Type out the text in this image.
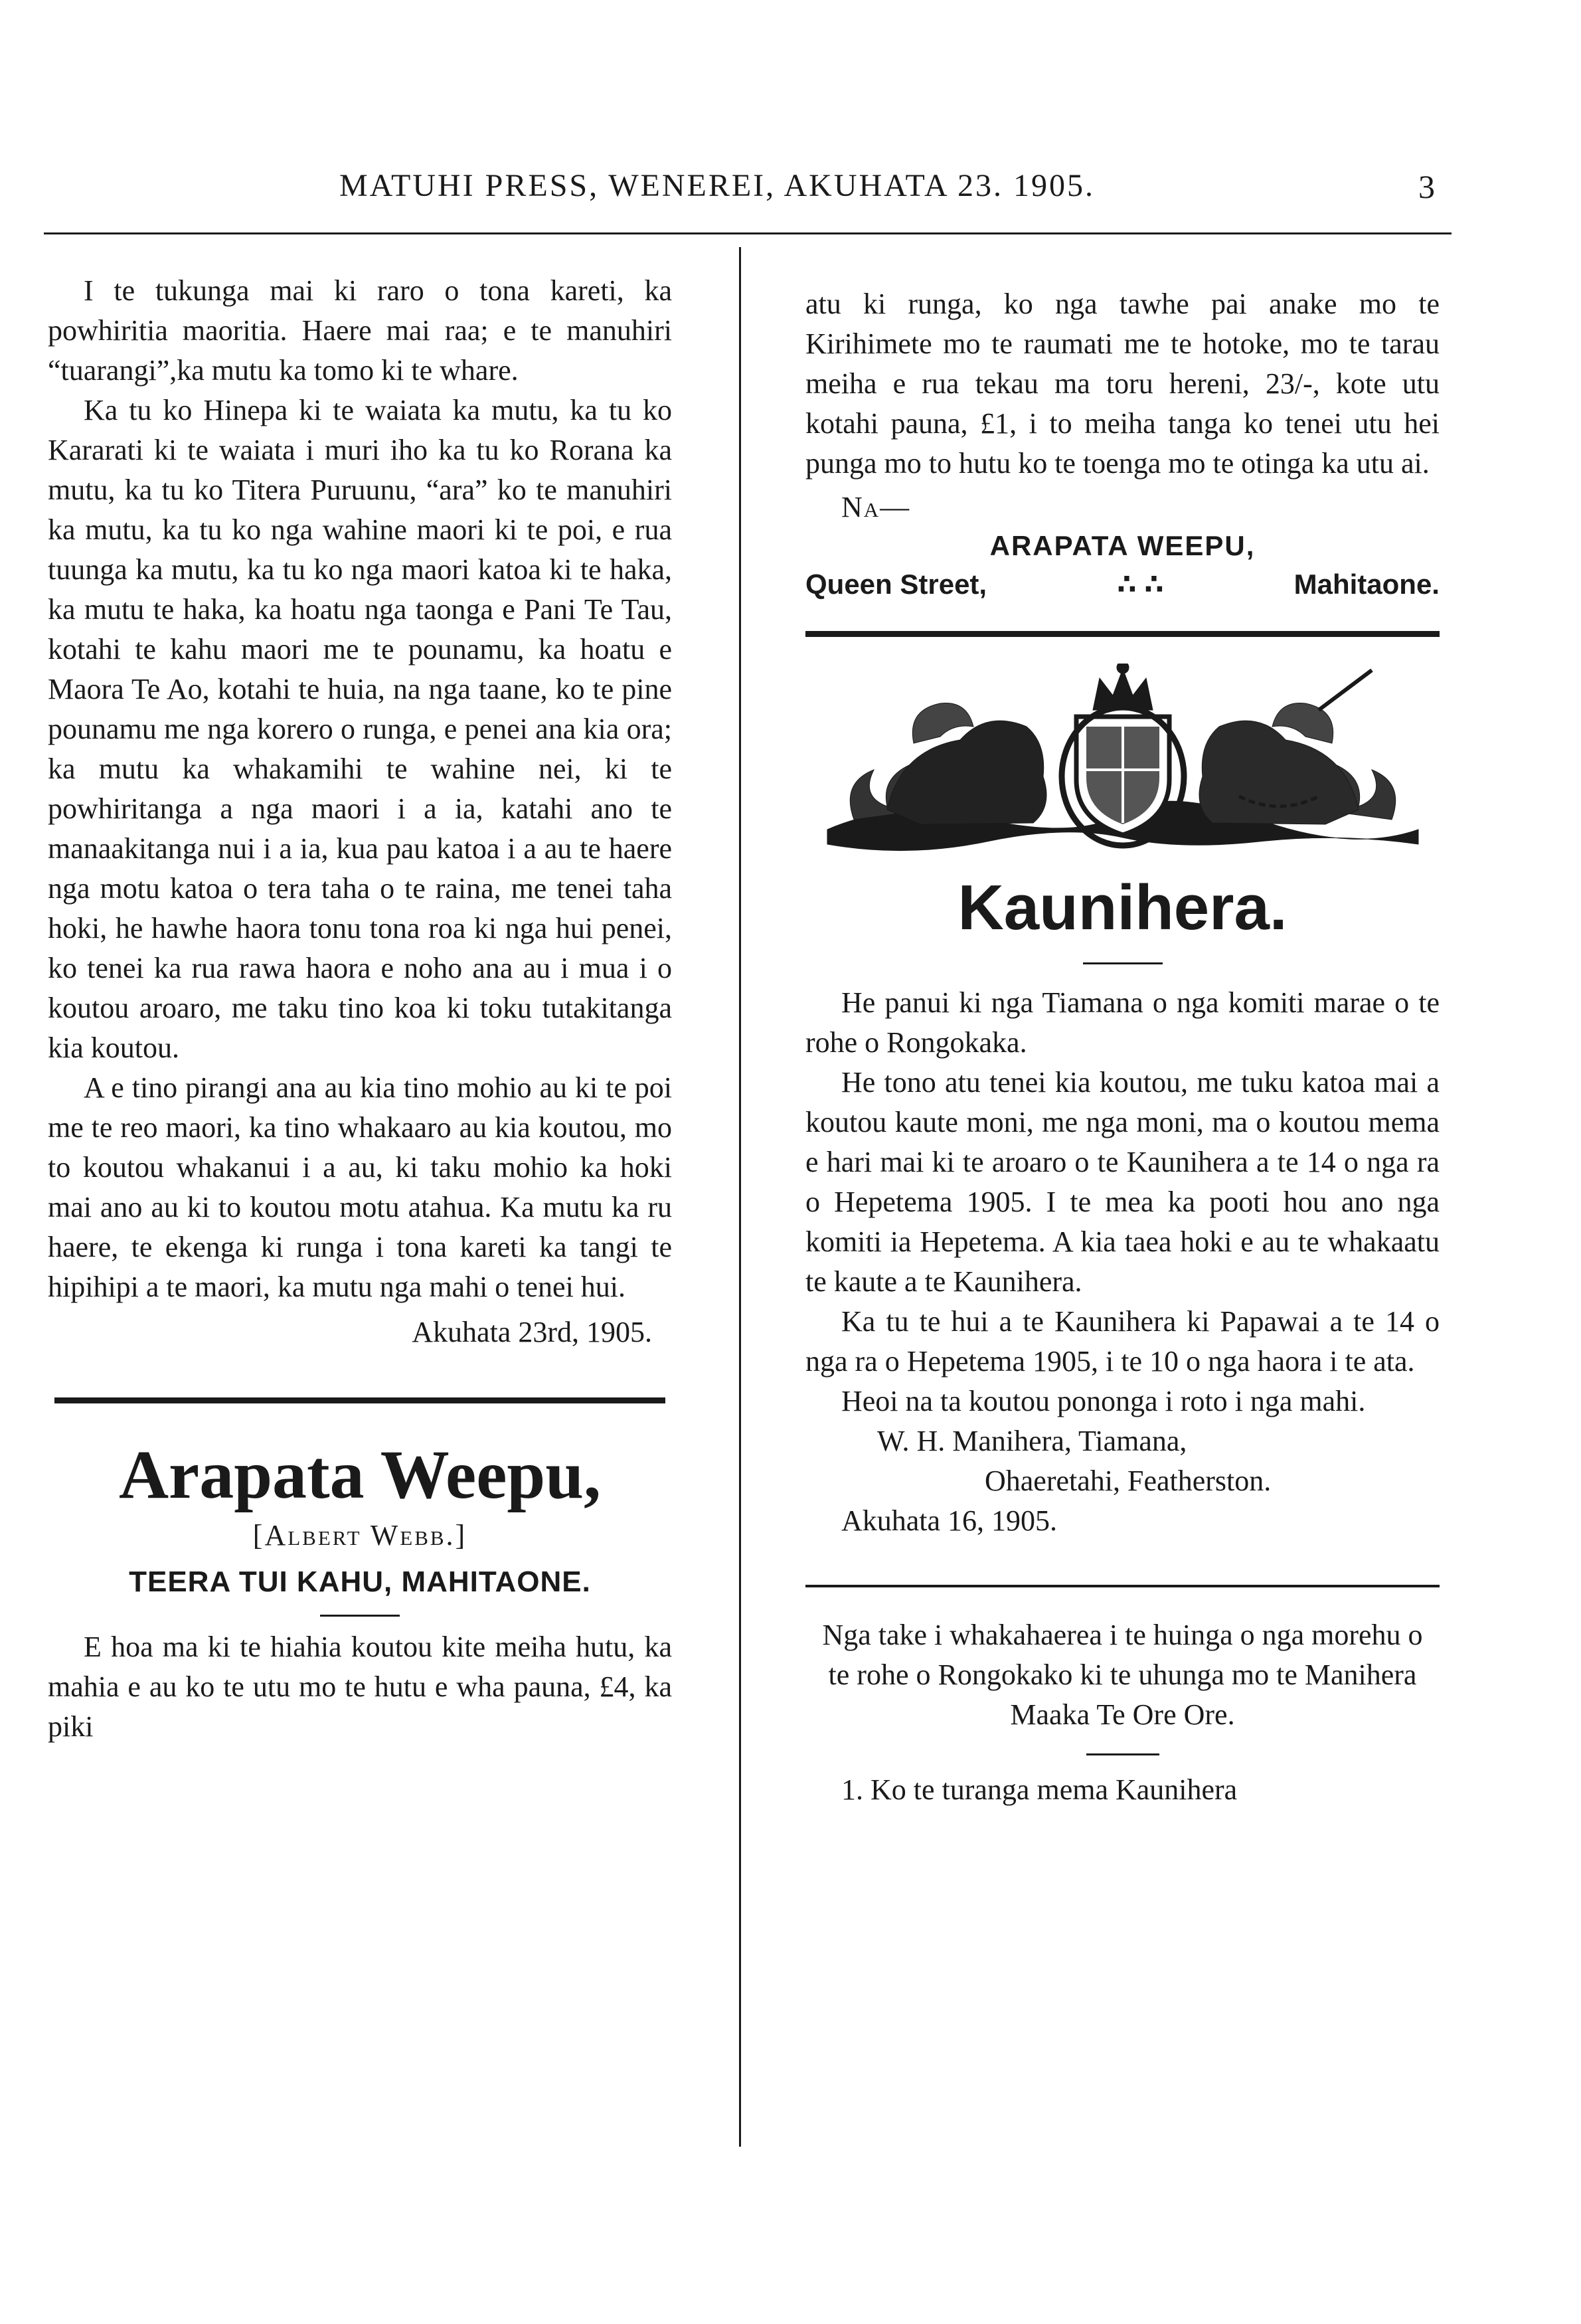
MATUHI PRESS, WENEREI, AKUHATA 23. 1905.	3

I te tukunga mai ki raro o tona kareti, ka powhiritia maoritia. Haere mai raa; e te manuhiri “tuarangi”,ka mutu ka tomo ki te whare.

Ka tu ko Hinepa ki te waiata ka mutu, ka tu ko Kararati ki te waiata i muri iho ka tu ko Rorana ka mutu, ka tu ko Titera Puruunu, “ara” ko te manuhiri ka mutu, ka tu ko nga wahine maori ki te poi, e rua tuunga ka mutu, ka tu ko nga maori katoa ki te haka, ka mutu te haka, ka hoatu nga taonga e Pani Te Tau, kotahi te kahu maori me te pounamu, ka hoatu e Maora Te Ao, kotahi te huia, na nga taane, ko te pine pounamu me nga korero o runga, e penei ana kia ora; ka mutu ka whakamihi te wahine nei, ki te powhiritanga a nga maori i a ia, katahi ano te manaakitanga nui i a ia, kua pau katoa i a au te haere nga motu katoa o tera taha o te raina, me tenei taha hoki, he hawhe haora tonu tona roa ki nga hui penei, ko tenei ka rua rawa haora e noho ana au i mua i o koutou aroaro, me taku tino koa ki toku tutakitanga kia koutou.

A e tino pirangi ana au kia tino mohio au ki te poi me te reo maori, ka tino whakaaro au kia koutou, mo to koutou whakanui i a au, ki taku mohio ka hoki mai ano au ki to koutou motu atahua. Ka mutu ka ru haere, te ekenga ki runga i tona kareti ka tangi te hipihipi a te maori, ka mutu nga mahi o tenei hui.

Akuhata 23rd, 1905.

Arapata Weepu,

[Albert Webb.]

TEERA TUI KAHU, MAHITAONE.

E hoa ma ki te hiahia koutou kite meiha hutu, ka mahia e au ko te utu mo te hutu e wha pauna, £4, ka piki

atu ki runga, ko nga tawhe pai anake mo te Kirihimete mo te raumati me te hotoke, mo te tarau meiha e rua tekau ma toru hereni, 23/-, kote utu kotahi pauna, £1, i to meiha tanga ko tenei utu hei punga mo to hutu ko te toenga mo te otinga ka utu ai.

Na—

ARAPATA WEEPU,

Queen Street,	∴ ∴	Mahitaone.

Kaunihera.

He panui ki nga Tiamana o nga komiti marae o te rohe o Rongokaka.

He tono atu tenei kia koutou, me tuku katoa mai a koutou kaute moni, me nga moni, ma o koutou mema e hari mai ki te aroaro o te Kaunihera a te 14 o nga ra o Hepetema 1905. I te mea ka pooti hou ano nga komiti ia Hepetema. A kia taea hoki e au te whakaatu te kaute a te Kaunihera.

Ka tu te hui a te Kaunihera ki Papawai a te 14 o nga ra o Hepetema 1905, i te 10 o nga haora i te ata.

Heoi na ta koutou pononga i roto i nga mahi.

W. H. Manihera, Tiamana,

Ohaeretahi, Featherston.

Akuhata 16, 1905.

Nga take i whakahaerea i te huinga o nga morehu o te rohe o Rongokako ki te uhunga mo te Manihera Maaka Te Ore Ore.

1. Ko te turanga mema Kaunihera
